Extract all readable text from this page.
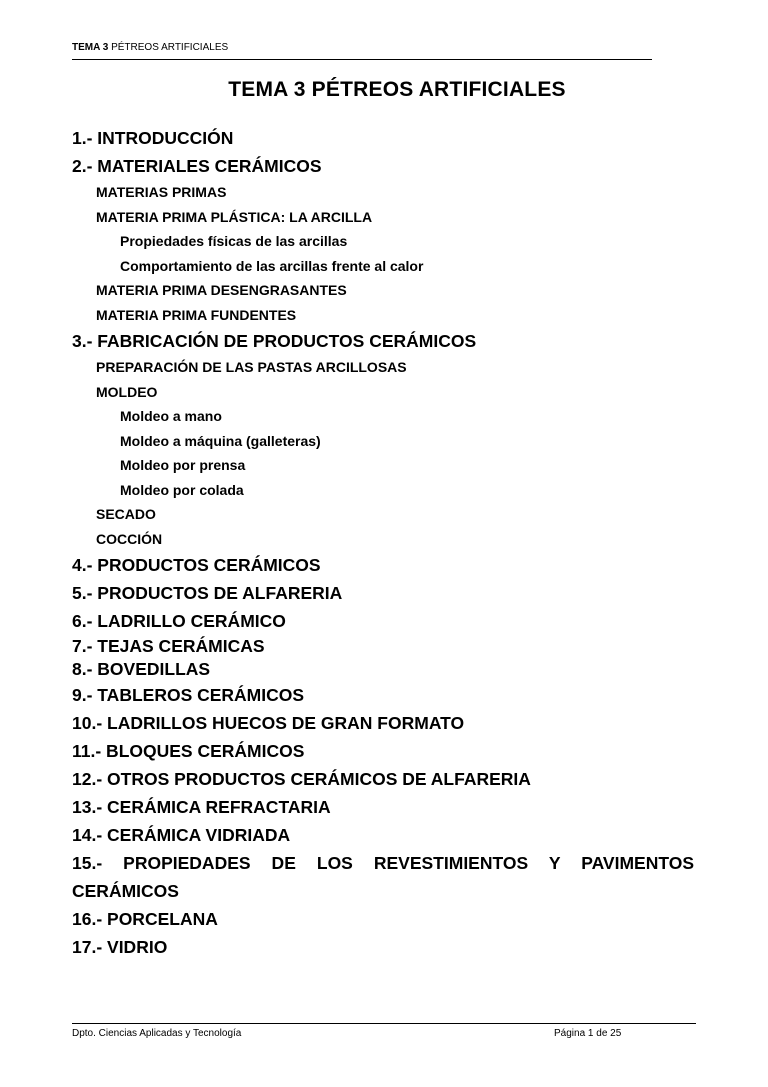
TEMA 3 PÉTREOS ARTIFICIALES
TEMA 3 PÉTREOS ARTIFICIALES
1.- INTRODUCCIÓN
2.- MATERIALES CERÁMICOS
MATERIAS PRIMAS
MATERIA PRIMA PLÁSTICA: LA ARCILLA
Propiedades físicas de las arcillas
Comportamiento de las arcillas frente al calor
MATERIA PRIMA DESENGRASANTES
MATERIA PRIMA FUNDENTES
3.- FABRICACIÓN DE PRODUCTOS CERÁMICOS
PREPARACIÓN DE LAS PASTAS ARCILLOSAS
MOLDEO
Moldeo a mano
Moldeo a máquina (galleteras)
Moldeo por prensa
Moldeo por colada
SECADO
COCCIÓN
4.- PRODUCTOS CERÁMICOS
5.- PRODUCTOS DE ALFARERIA
6.- LADRILLO CERÁMICO
7.- TEJAS CERÁMICAS
8.- BOVEDILLAS
9.- TABLEROS CERÁMICOS
10.- LADRILLOS HUECOS DE GRAN FORMATO
11.- BLOQUES CERÁMICOS
12.- OTROS PRODUCTOS CERÁMICOS DE ALFARERIA
13.- CERÁMICA REFRACTARIA
14.- CERÁMICA VIDRIADA
15.- PROPIEDADES DE LOS REVESTIMIENTOS Y PAVIMENTOS CERÁMICOS
16.- PORCELANA
17.- VIDRIO
Dpto. Ciencias Aplicadas y Tecnología	Página 1 de 25
